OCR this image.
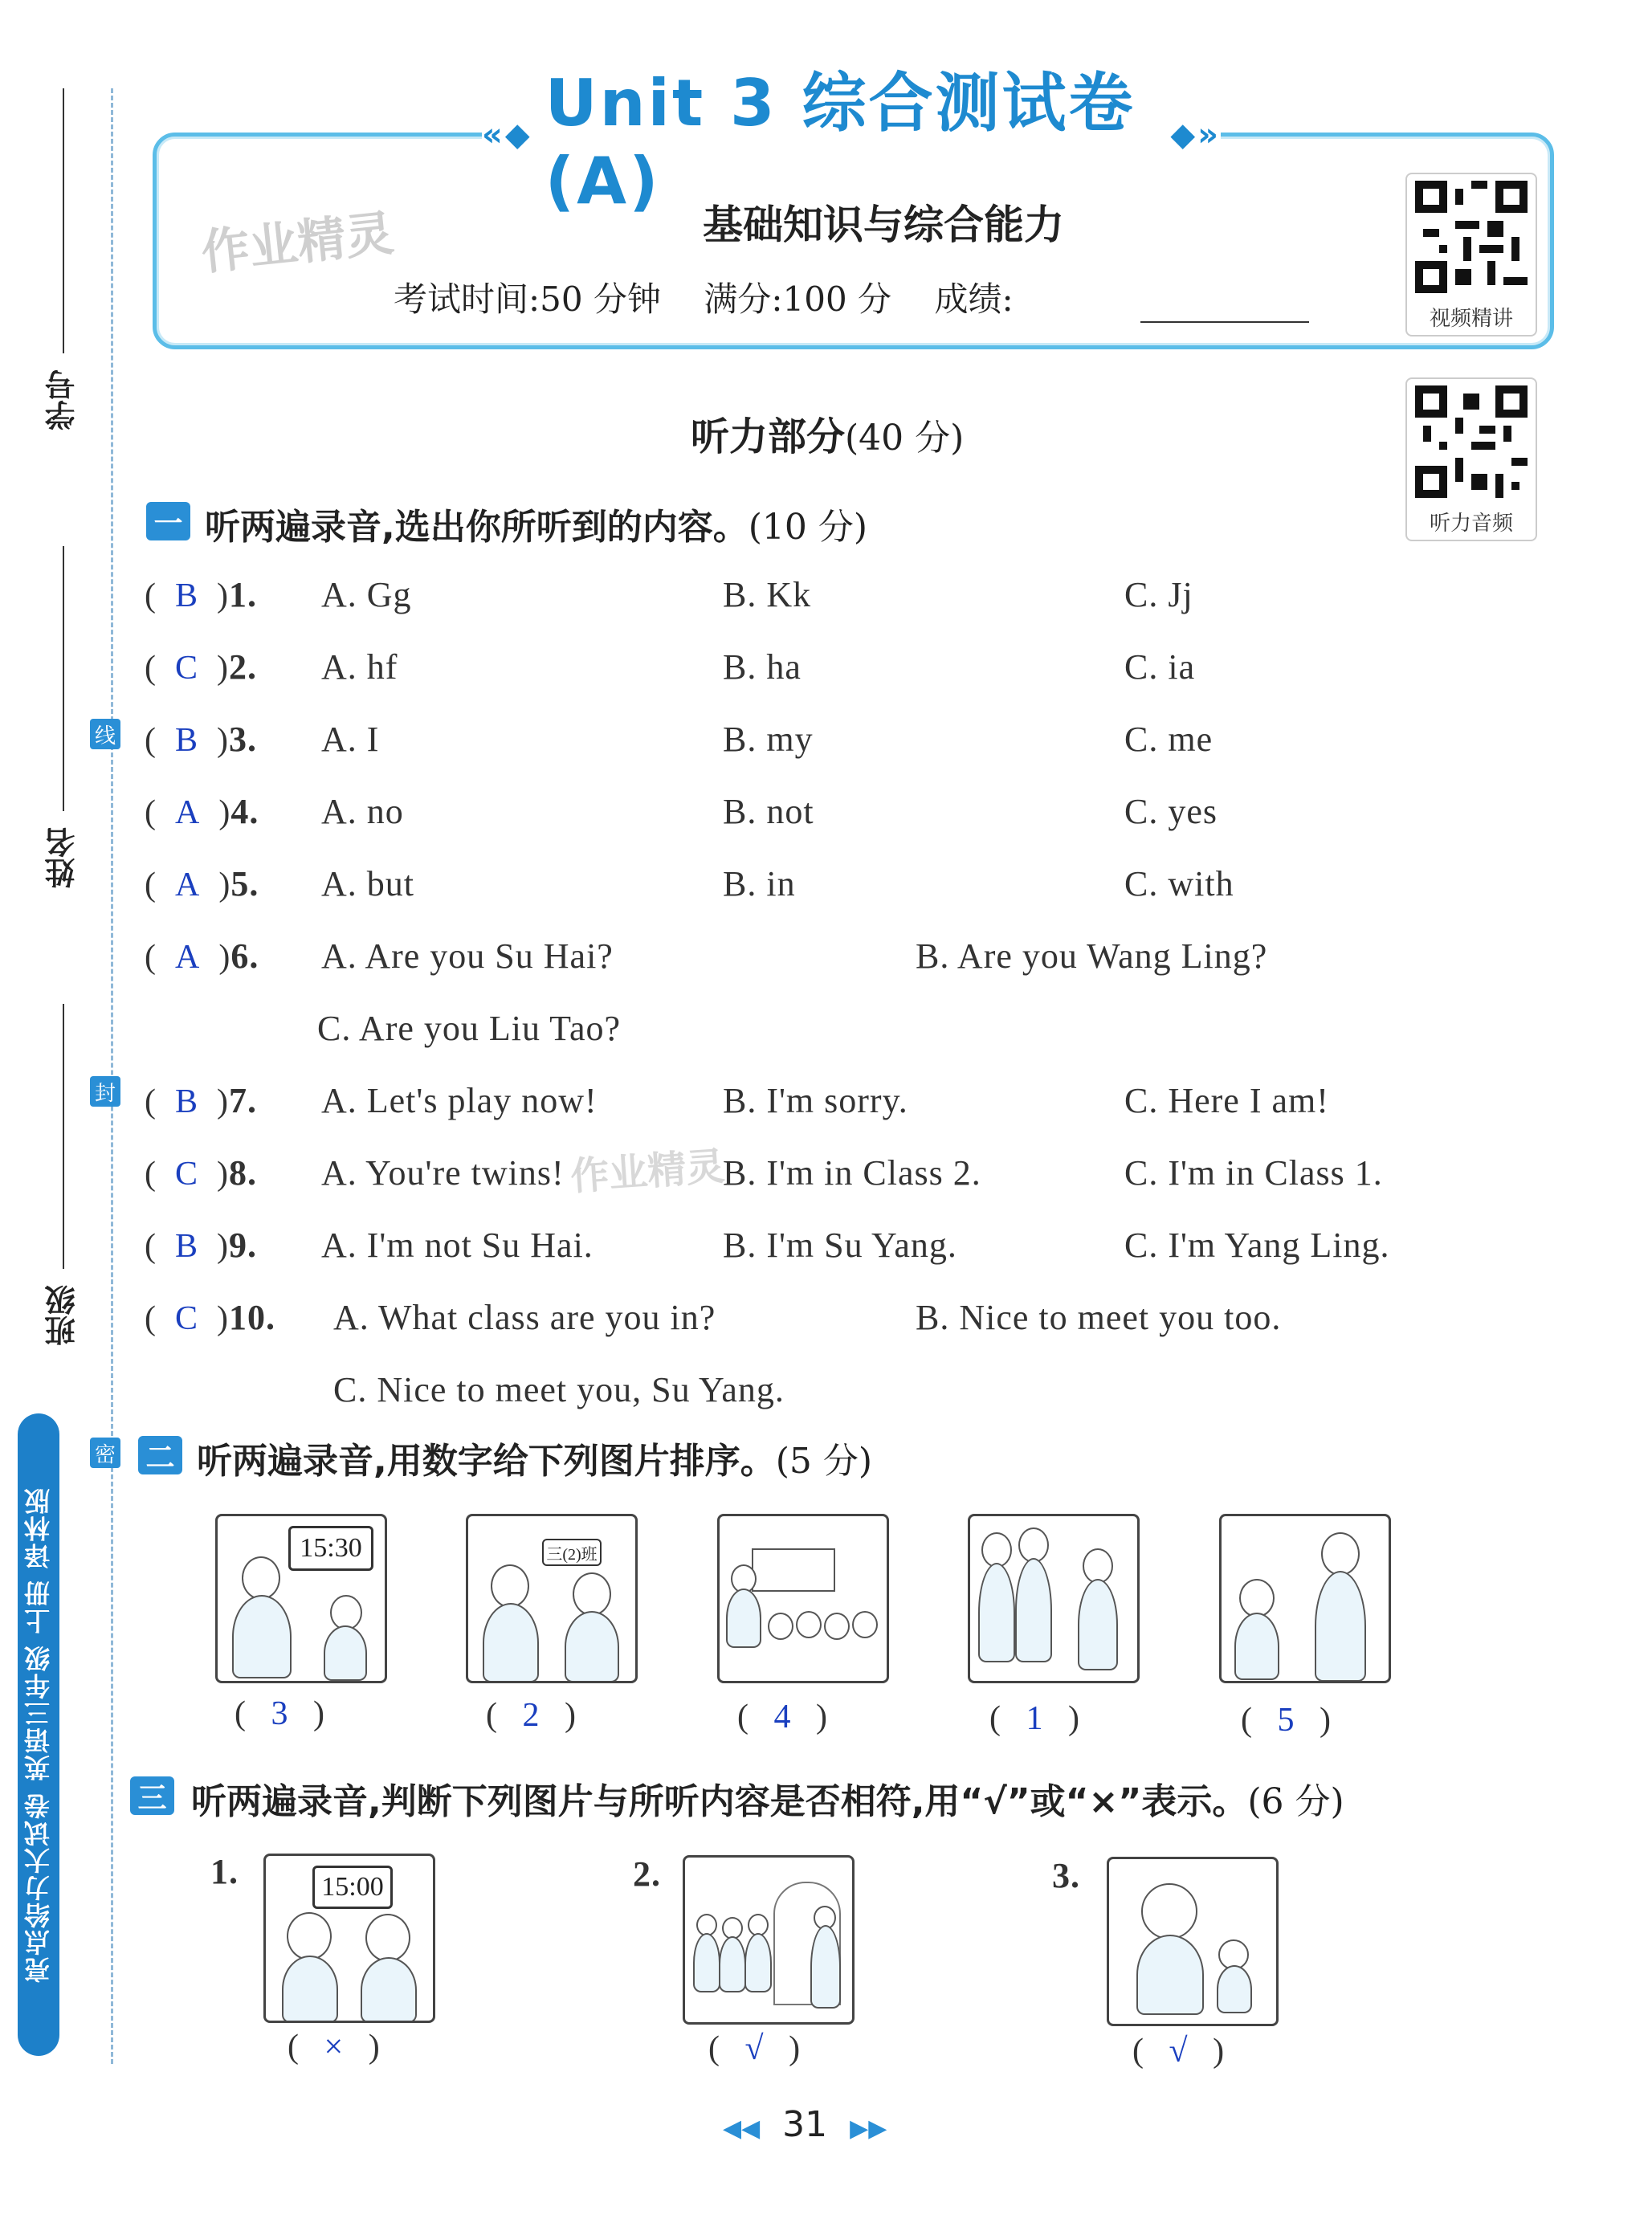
学号
姓名
班级
线
封
密
亮点给力大试卷 英语三年级 上册 译林版
«◆ Unit 3 综合测试卷(A)
◆»
作业精灵	基础知识与综合能力
考试时间:50 分钟 满分:100 分 成绩:	视频精讲
听力音频
听力部分(40 分)
一 听两遍录音,选出你所听到的内容。(10 分)
(  B  )1. A. Gg	B. Kk	C. Jj
(  C  )2. A. hf	B. ha	C. ia
(  B  )3. A. I	B. my	C. me
(  A  )4. A. no	B. not	C. yes
(  A  )5. A. but	B. in	C. with
(  A  )6. A. Are you Su Hai?	B. Are you Wang Ling?
C. Are you Liu Tao?
(  B  )7. A. Let's play now!	B. I'm sorry.	C. Here I am!
(  C  )8. A. You're twins!	B. I'm in Class 2.	C. I'm in Class 1.
(  B  )9. A. I'm not Su Hai.	B. I'm Su Yang.	C. I'm Yang Ling.
(  C  )10. A. What class are you in?	B. Nice to meet you too.
C. Nice to meet you, Su Yang.
二 听两遍录音,用数字给下列图片排序。(5 分)
15:30	三(2)班
(   3   )	(   2   )	(   4   )	(   1   )	(   5   )
三 听两遍录音,判断下列图片与所听内容是否相符,用“√”或“×”表示。(6 分)
1.	15:00
(   ×   )
2.
(   √   )
3.
(   √   )
作业精灵
◀◀ 31 ▶▶
